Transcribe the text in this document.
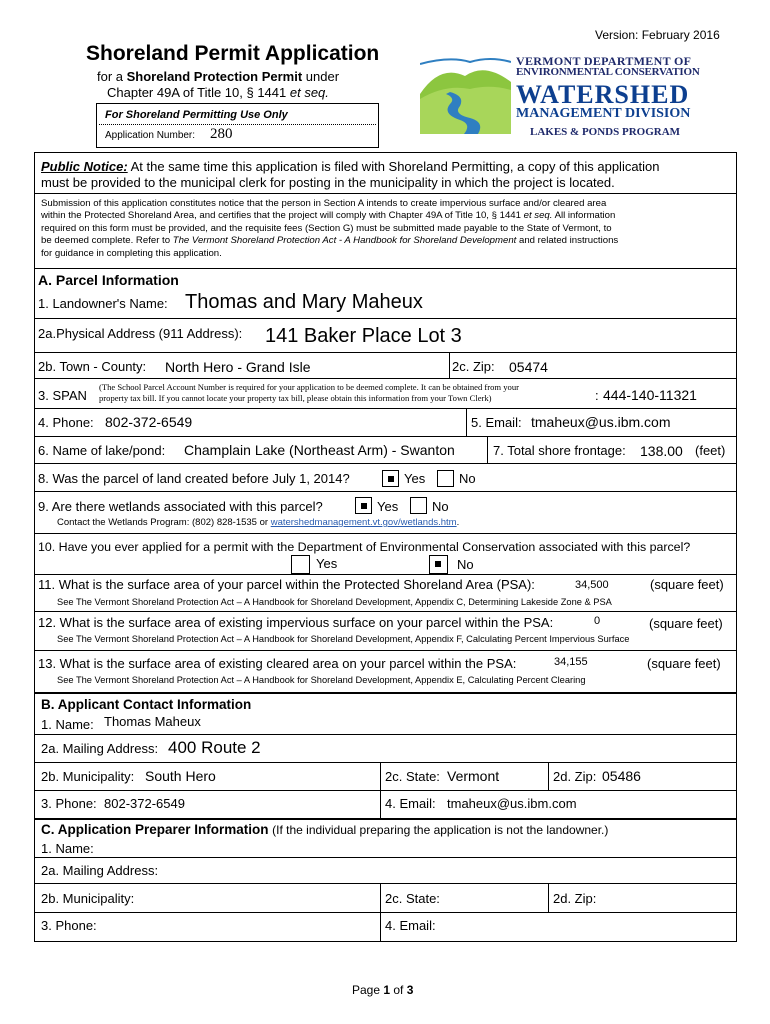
Version: February 2016
Shoreland Permit Application
for a Shoreland Protection Permit under
Chapter 49A of Title 10, § 1441 et seq.
For Shoreland Permitting Use Only
Application Number: 280
VERMONT DEPARTMENT OF
ENVIRONMENTAL CONSERVATION
WATERSHED
MANAGEMENT DIVISION
LAKES & PONDS PROGRAM
Public Notice: At the same time this application is filed with Shoreland Permitting, a copy of this application
must be provided to the municipal clerk for posting in the municipality in which the project is located.
Submission of this application constitutes notice that the person in Section A intends to create impervious surface and/or cleared area
within the Protected Shoreland Area, and certifies that the project will comply with Chapter 49A of Title 10, § 1441 et seq. All information
required on this form must be provided, and the requisite fees (Section G) must be submitted made payable to the State of Vermont, to
be deemed complete. Refer to The Vermont Shoreland Protection Act - A Handbook for Shoreland Development and related instructions
for guidance in completing this application.
A. Parcel Information
1. Landowner's Name: Thomas and Mary Maheux
2a.Physical Address (911 Address): 141 Baker Place Lot 3
2b. Town - County: North Hero - Grand Isle	2c. Zip: 05474
3. SPAN
(The School Parcel Account Number is required for your application to be deemed complete. It can be obtained from your
property tax bill. If you cannot locate your property tax bill, please obtain this information from your Town Clerk)	: 444-140-11321
4. Phone: 802-372-6549	5. Email: tmaheux@us.ibm.com
6. Name of lake/pond: Champlain Lake (Northeast Arm) - Swanton	7. Total shore frontage: 138.00 (feet)
8. Was the parcel of land created before July 1, 2014?	Yes	No
9. Are there wetlands associated with this parcel?	Yes	No
Contact the Wetlands Program: (802) 828-1535 or watershedmanagement.vt.gov/wetlands.htm.
10. Have you ever applied for a permit with the Department of Environmental Conservation associated with this parcel?
Yes	No
11. What is the surface area of your parcel within the Protected Shoreland Area (PSA):	34,500	(square feet)
See The Vermont Shoreland Protection Act – A Handbook for Shoreland Development, Appendix C, Determining Lakeside Zone & PSA
12. What is the surface area of existing impervious surface on your parcel within the PSA:	0	(square feet)
See The Vermont Shoreland Protection Act – A Handbook for Shoreland Development, Appendix F, Calculating Percent Impervious Surface
13. What is the surface area of existing cleared area on your parcel within the PSA:	34,155	(square feet)
See The Vermont Shoreland Protection Act – A Handbook for Shoreland Development, Appendix E, Calculating Percent Clearing
B. Applicant Contact Information
1. Name: Thomas Maheux
2a. Mailing Address: 400 Route 2
2b. Municipality: South Hero	2c. State: Vermont	2d. Zip: 05486
3. Phone: 802-372-6549	4. Email: tmaheux@us.ibm.com
C. Application Preparer Information (If the individual preparing the application is not the landowner.)
1. Name:
2a. Mailing Address:
2b. Municipality:	2c. State:	2d. Zip:
3. Phone:	4. Email:
Page 1 of 3
